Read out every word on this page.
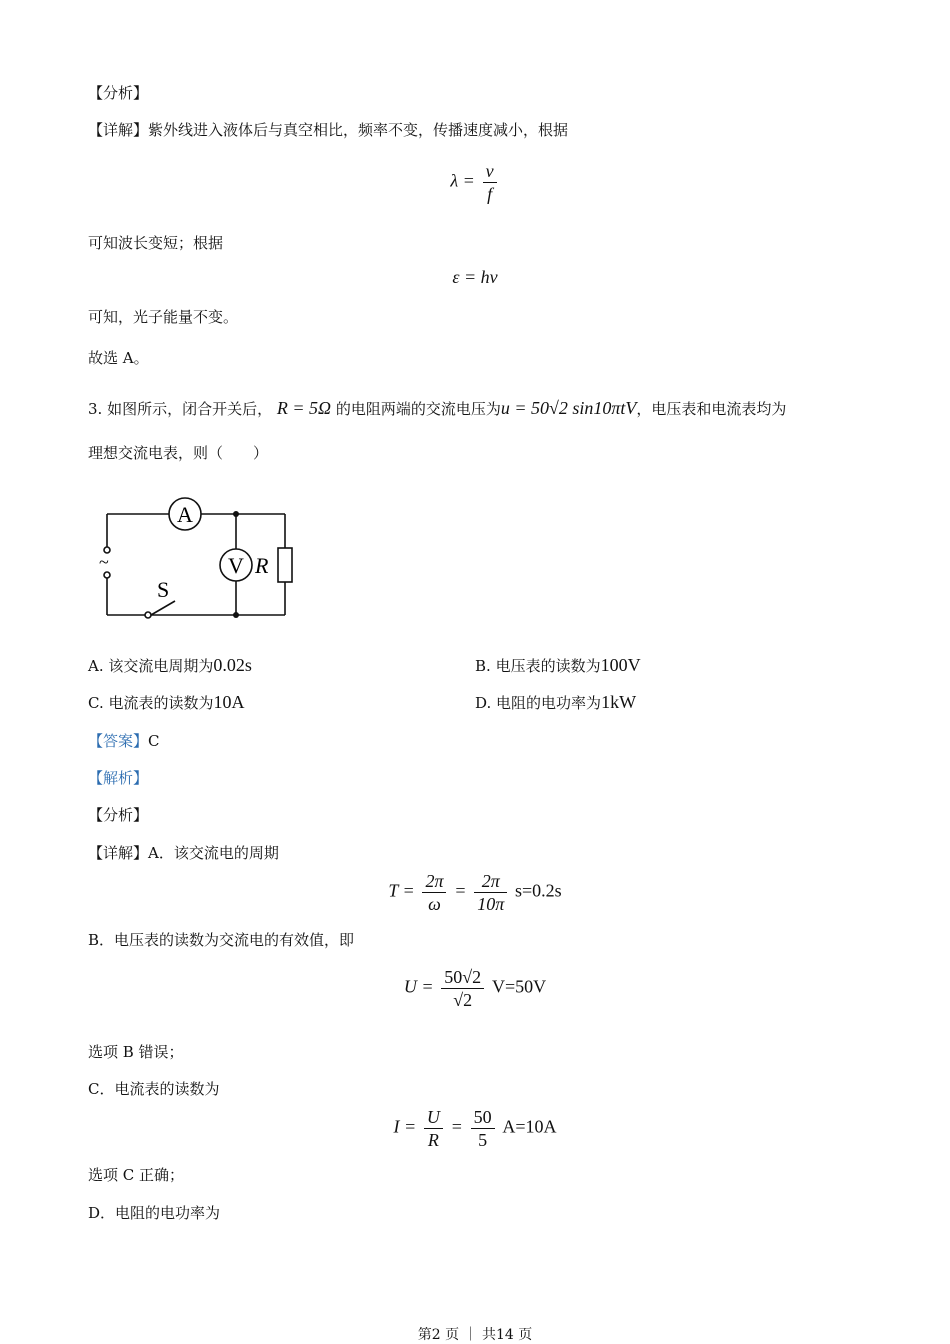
【分析】
【详解】紫外线进入液体后与真空相比，频率不变，传播速度减小，根据
$\lambda = \frac{v}{f}$
可知波长变短；根据
ε = hν
可知，光子能量不变。
故选 A。
3. 如图所示，闭合开关后， R = 5Ω 的电阻两端的交流电压为u = 50√2 sin10πtV，电压表和电流表均为
理想交流电表，则（　　）
A
V R
S
~
A. 该交流电周期为0.02s	B. 电压表的读数为100V
C. 电流表的读数为10A	D. 电阻的电功率为1kW
【答案】C
【解析】
【分析】
【详解】A．该交流电的周期
$T = \frac{2\pi}{\omega} = \frac{2\pi}{10\pi} s=0.2s$
B．电压表的读数为交流电的有效值，即
$U = \frac{50√2}{√2} V=50V$
选项 B 错误；
C．电流表的读数为
$I = \frac{U}{R} = \frac{50}{5} A=10A$
选项 C 正确；
D．电阻的电功率为
第2 页 ｜ 共14 页
